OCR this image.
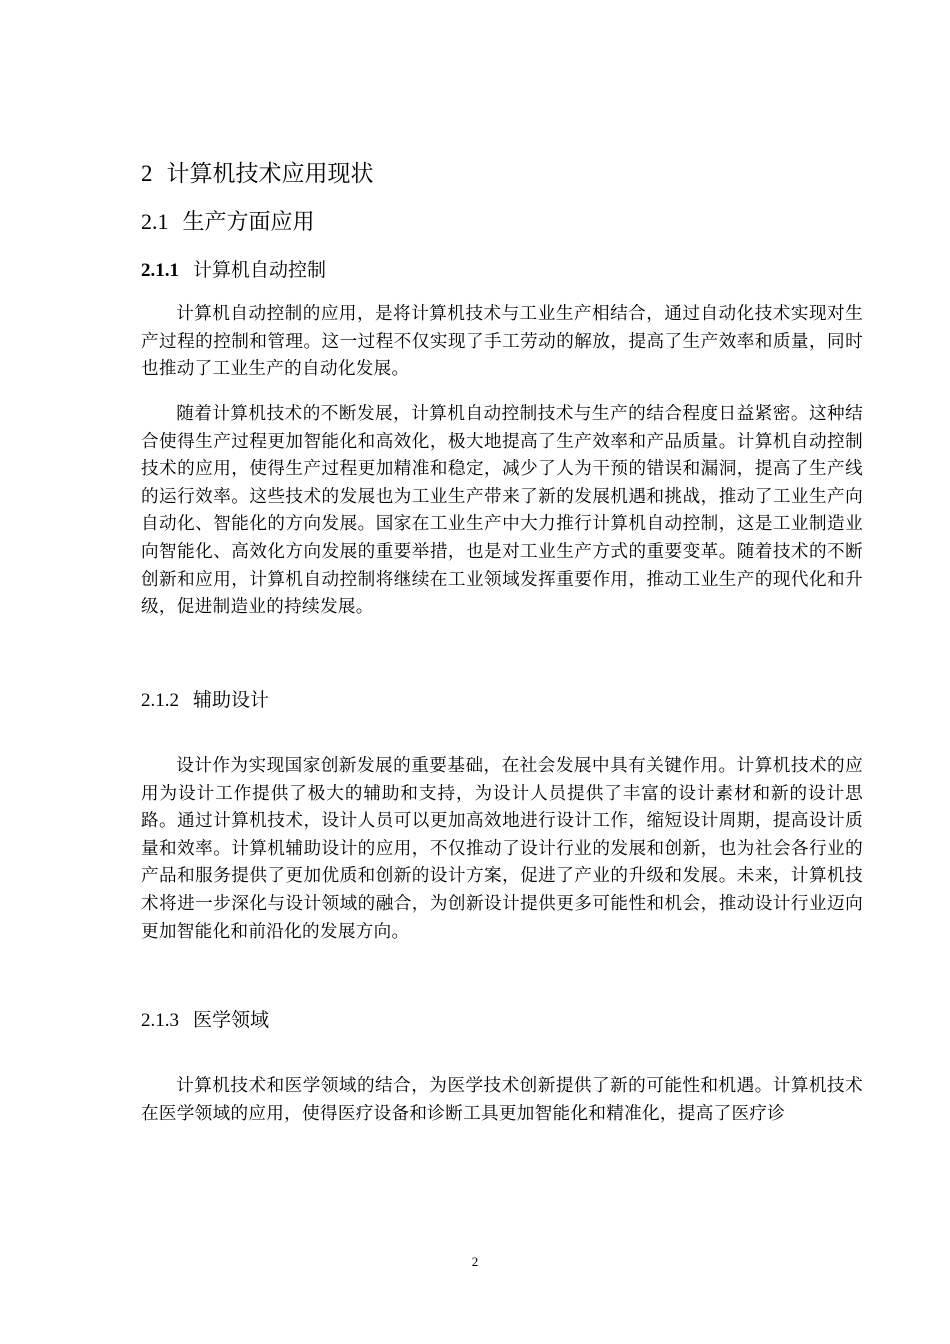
2 计算机技术应用现状
2.1 生产方面应用
2.1.1 计算机自动控制

计算机自动控制的应用，是将计算机技术与工业生产相结合，通过自动化技术实现对生产过程的控制和管理。这一过程不仅实现了手工劳动的解放，提高了生产效率和质量，同时也推动了工业生产的自动化发展。

随着计算机技术的不断发展，计算机自动控制技术与生产的结合程度日益紧密。这种结合使得生产过程更加智能化和高效化，极大地提高了生产效率和产品质量。计算机自动控制技术的应用，使得生产过程更加精准和稳定，减少了人为干预的错误和漏洞，提高了生产线的运行效率。这些技术的发展也为工业生产带来了新的发展机遇和挑战，推动了工业生产向自动化、智能化的方向发展。国家在工业生产中大力推行计算机自动控制，这是工业制造业向智能化、高效化方向发展的重要举措，也是对工业生产方式的重要变革。随着技术的不断创新和应用，计算机自动控制将继续在工业领域发挥重要作用，推动工业生产的现代化和升级，促进制造业的持续发展。

2.1.2 辅助设计

设计作为实现国家创新发展的重要基础，在社会发展中具有关键作用。计算机技术的应用为设计工作提供了极大的辅助和支持，为设计人员提供了丰富的设计素材和新的设计思路。通过计算机技术，设计人员可以更加高效地进行设计工作，缩短设计周期，提高设计质量和效率。计算机辅助设计的应用，不仅推动了设计行业的发展和创新，也为社会各行业的产品和服务提供了更加优质和创新的设计方案，促进了产业的升级和发展。未来，计算机技术将进一步深化与设计领域的融合，为创新设计提供更多可能性和机会，推动设计行业迈向更加智能化和前沿化的发展方向。

2.1.3 医学领域

计算机技术和医学领域的结合，为医学技术创新提供了新的可能性和机遇。计算机技术在医学领域的应用，使得医疗设备和诊断工具更加智能化和精准化，提高了医疗诊

2
